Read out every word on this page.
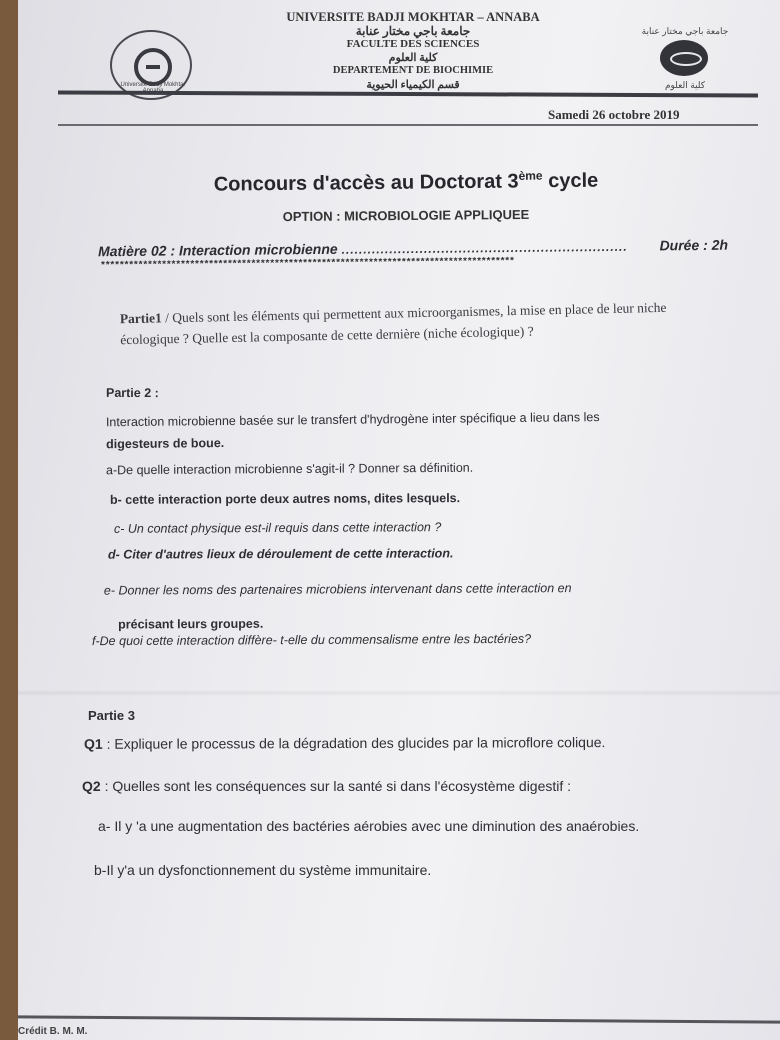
Université Badji Mokhtar
جامعة باجي مختار عنابة
كلية العلوم
UNIVERSITE BADJI MOKHTAR – ANNABA
جامعة باجي مختار عنابة
FACULTE DES SCIENCES
كلية العلوم
DEPARTEMENT DE BIOCHIMIE
قسم الكيمياء الحيوية
Samedi 26 octobre 2019
Concours d'accès au Doctorat 3ème cycle
OPTION : MICROBIOLOGIE APPLIQUEE
Matière 02 : Interaction microbienne ..................................................................	Durée : 2h
****************************************************************************************
Partie1 / Quels sont les éléments qui permettent aux microorganismes, la mise en place de leur niche écologique ? Quelle est la composante de cette dernière (niche écologique) ?
Partie 2 :
Interaction microbienne basée sur le transfert d'hydrogène inter spécifique a lieu dans les
digesteurs de boue.
a-De quelle interaction microbienne s'agit-il ? Donner sa définition.
b- cette interaction porte deux autres noms, dites lesquels.
c- Un contact physique est-il requis dans cette interaction ?
d- Citer d'autres lieux de déroulement de cette interaction.
e- Donner les noms des partenaires microbiens intervenant dans cette interaction en
précisant leurs groupes.
f-De quoi cette interaction diffère- t-elle du commensalisme entre les bactéries?
Partie 3
Q1 : Expliquer le processus de la dégradation des glucides par la microflore colique.
Q2 : Quelles sont les conséquences sur la santé si dans l'écosystème digestif :
a- Il y 'a une augmentation des bactéries aérobies avec une diminution des anaérobies.
b-Il y'a un dysfonctionnement du système immunitaire.
Crédit B. M. M.
